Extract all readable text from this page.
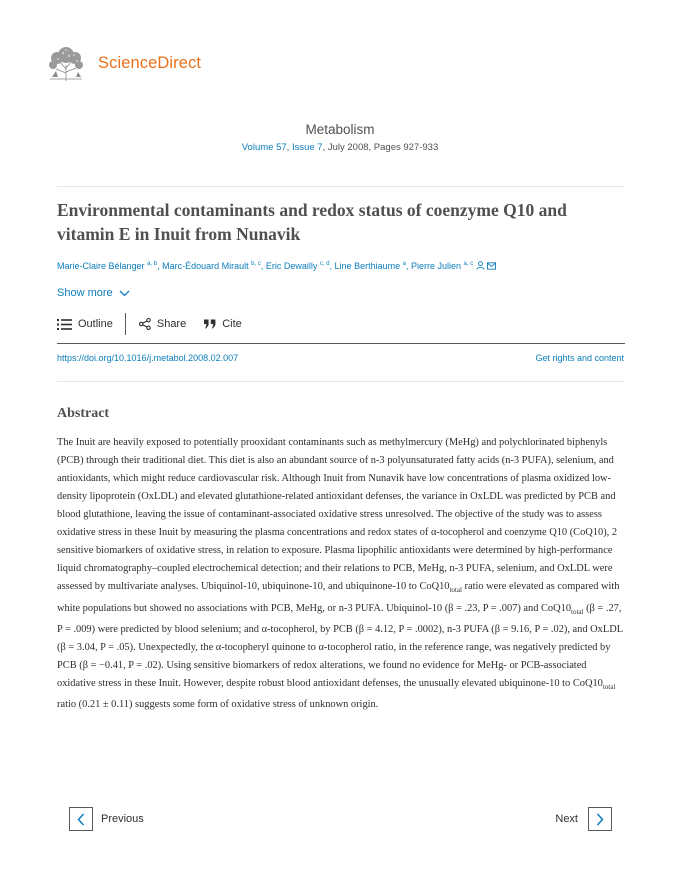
ScienceDirect
Metabolism
Volume 57, Issue 7, July 2008, Pages 927-933
Environmental contaminants and redox status of coenzyme Q10 and vitamin E in Inuit from Nunavik
Marie-Claire Bélanger $^{a, b}$, Marc-Édouard Mirault $^{b, c}$, Eric Dewailly $^{c, d}$, Line Berthiaume $^a$, Pierre Julien $^{a, c}$
Show more
Outline	Share	Cite
https://doi.org/10.1016/j.metabol.2008.02.007	Get rights and content
Abstract

The Inuit are heavily exposed to potentially prooxidant contaminants such as methylmercury (MeHg) and polychlorinated biphenyls (PCB) through their traditional diet. This diet is also an abundant source of n-3 polyunsaturated fatty acids (n-3 PUFA), selenium, and antioxidants, which might reduce cardiovascular risk. Although Inuit from Nunavik have low concentrations of plasma oxidized low-density lipoprotein (OxLDL) and elevated glutathione-related antioxidant defenses, the variance in OxLDL was predicted by PCB and blood glutathione, leaving the issue of contaminant-associated oxidative stress unresolved. The objective of the study was to assess oxidative stress in these Inuit by measuring the plasma concentrations and redox states of α-tocopherol and coenzyme Q10 (CoQ10), 2 sensitive biomarkers of oxidative stress, in relation to exposure. Plasma lipophilic antioxidants were determined by high-performance liquid chromatography–coupled electrochemical detection; and their relations to PCB, MeHg, n-3 PUFA, selenium, and OxLDL were assessed by multivariate analyses. Ubiquinol-10, ubiquinone-10, and ubiquinone-10 to $CoQ10_{total}$ ratio were elevated as compared with white populations but showed no associations with PCB, MeHg, or n-3 PUFA. Ubiquinol-10 (β = .23, P = .007) and $CoQ10_{total}$ (β = .27, P = .009) were predicted by blood selenium; and α-tocopherol, by PCB (β = 4.12, P = .0002), n-3 PUFA (β = 9.16, P = .02), and OxLDL (β = 3.04, P = .05). Unexpectedly, the α-tocopheryl quinone to α-tocopherol ratio, in the reference range, was negatively predicted by PCB (β = −0.41, P = .02). Using sensitive biomarkers of redox alterations, we found no evidence for MeHg- or PCB-associated oxidative stress in these Inuit. However, despite robust blood antioxidant defenses, the unusually elevated ubiquinone-10 to $CoQ10_{total}$ ratio (0.21 ± 0.11) suggests some form of oxidative stress of unknown origin.

Previous	Next
